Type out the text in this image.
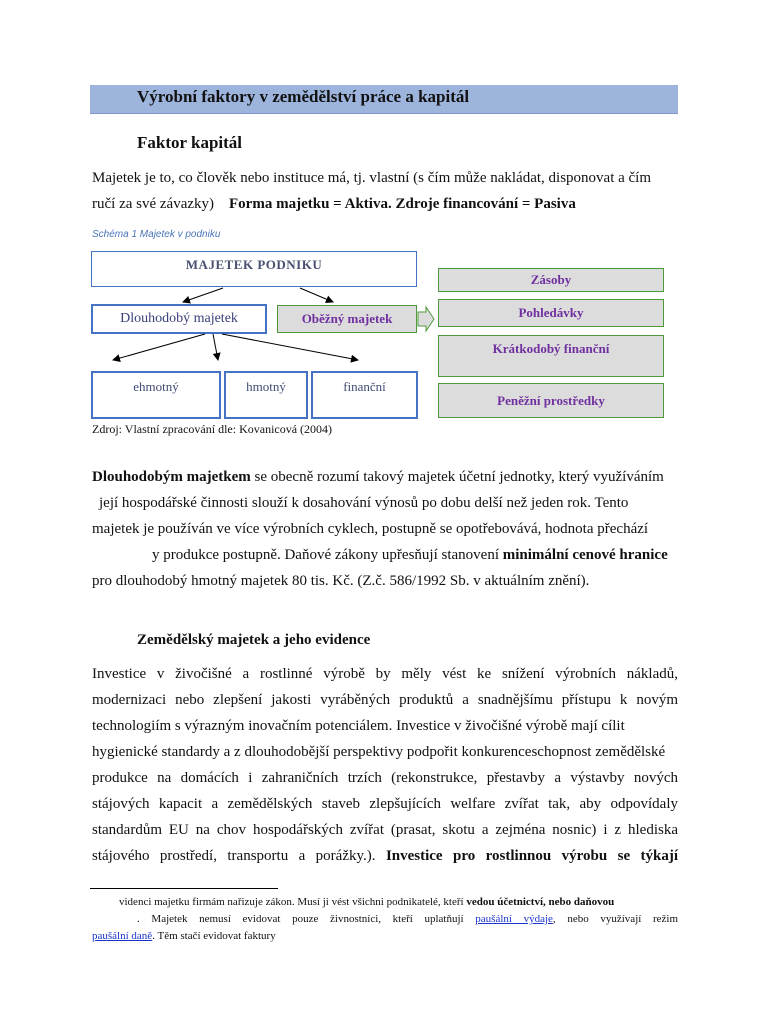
Výrobní faktory v zemědělství práce a kapitál
Faktor kapitál
Majetek je to, co člověk nebo instituce má, tj. vlastní (s čím může nakládat, disponovat a čím
ručí za své závazky) Forma majetku = Aktiva. Zdroje financování = Pasiva
Schéma 1 Majetek v podniku
MAJETEK PODNIKU
Dlouhodobý majetek	Oběžný majetek
ehmotný	hmotný	finanční
Zásoby
Pohledávky
Krátkodobý finanční
Peněžní prostředky
Zdroj: Vlastní zpracování dle: Kovanicová (2004)
Dlouhodobým majetkem se obecně rozumí takový majetek účetní jednotky, který využíváním
její hospodářské činnosti slouží k dosahování výnosů po dobu delší než jeden rok. Tento
majetek je používán ve více výrobních cyklech, postupně se opotřebovává, hodnota přechází
y produkce postupně. Daňové zákony upřesňují stanovení minimální cenové hranice
pro dlouhodobý hmotný majetek 80 tis. Kč. (Z.č. 586/1992 Sb. v aktuálním znění).
Zemědělský majetek a jeho evidence
Investice v živočišné a rostlinné výrobě by měly vést ke snížení výrobních nákladů,
modernizaci nebo zlepšení jakosti vyráběných produktů a snadnějšímu přístupu k novým
technologiím s výrazným inovačním potenciálem. Investice v živočišné výrobě mají cílit
hygienické standardy a z dlouhodobější perspektivy podpořit konkurenceschopnost zemědělské
produkce na domácích i zahraničních trzích (rekonstrukce, přestavby a výstavby nových
stájových kapacit a zemědělských staveb zlepšujících welfare zvířat tak, aby odpovídaly
standardům EU na chov hospodářských zvířat (prasat, skotu a zejména nosnic) i z hlediska
stájového prostředí, transportu a porážky.). Investice pro rostlinnou výrobu se týkají
videnci majetku firmám nařizuje zákon. Musí ji vést všichni podnikatelé, kteří vedou účetnictví, nebo daňovou
. Majetek nemusí evidovat pouze živnostníci, kteří uplatňují paušální výdaje, nebo využívají režim
paušální daně. Těm stačí evidovat faktury
